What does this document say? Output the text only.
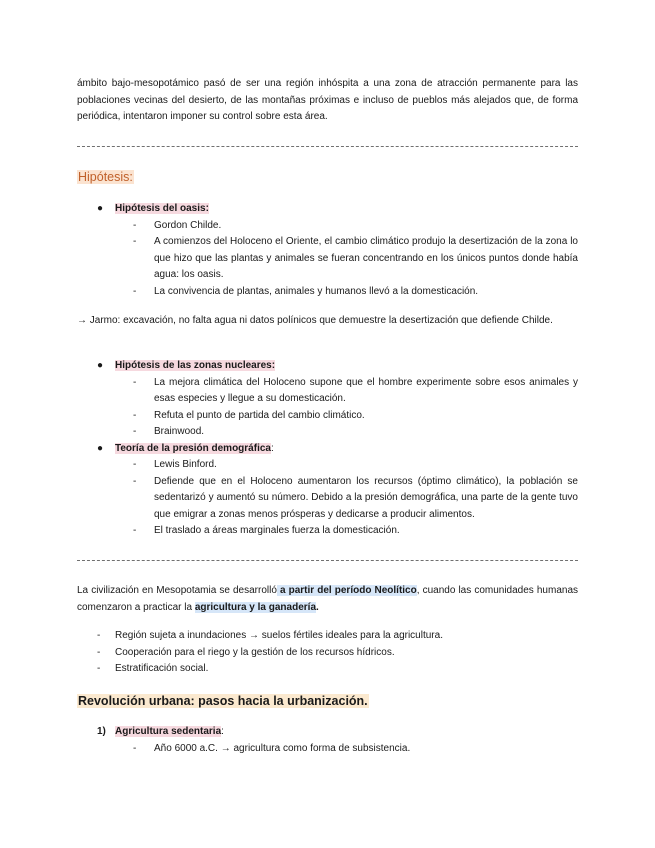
ámbito bajo-mesopotámico pasó de ser una región inhóspita a una zona de atracción permanente para las poblaciones vecinas del desierto, de las montañas próximas e incluso de pueblos más alejados que, de forma periódica, intentaron imponer su control sobre esta área.
Hipótesis:
● Hipótesis del oasis:
- Gordon Childe.
- A comienzos del Holoceno el Oriente, el cambio climático produjo la desertización de la zona lo que hizo que las plantas y animales se fueran concentrando en los únicos puntos donde había agua: los oasis.
- La convivencia de plantas, animales y humanos llevó a la domesticación.
→ Jarmo: excavación, no falta agua ni datos polínicos que demuestre la desertización que defiende Childe.
● Hipótesis de las zonas nucleares:
- La mejora climática del Holoceno supone que el hombre experimente sobre esos animales y esas especies y llegue a su domesticación.
- Refuta el punto de partida del cambio climático.
- Brainwood.
● Teoría de la presión demográfica:
- Lewis Binford.
- Defiende que en el Holoceno aumentaron los recursos (óptimo climático), la población se sedentarizó y aumentó su número. Debido a la presión demográfica, una parte de la gente tuvo que emigrar a zonas menos prósperas y dedicarse a producir alimentos.
- El traslado a áreas marginales fuerza la domesticación.
La civilización en Mesopotamia se desarrolló a partir del período Neolítico, cuando las comunidades humanas comenzaron a practicar la agricultura y la ganadería.
- Región sujeta a inundaciones → suelos fértiles ideales para la agricultura.
- Cooperación para el riego y la gestión de los recursos hídricos.
- Estratificación social.
Revolución urbana: pasos hacia la urbanización.
1) Agricultura sedentaria:
- Año 6000 a.C. → agricultura como forma de subsistencia.
